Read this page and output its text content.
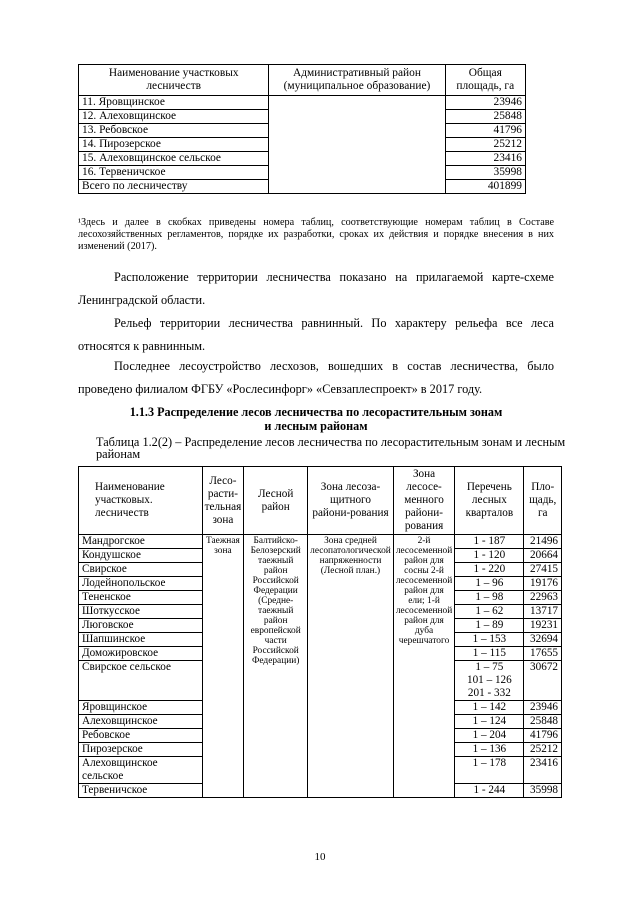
Наименование участковых лесничеств	Административный район (муниципальное образование)	Общая площадь, га
11. Яровщинское		23946
12. Алеховщинское		25848
13. Ребовское		41796
14. Пирозерское		25212
15. Алеховщинское сельское		23416
16. Тервеничское		35998
Всего по лесничеству		401899
¹Здесь и далее в скобках приведены номера таблиц, соответствующие номерам таблиц в Составе лесохозяйственных регламентов, порядке их разработки, сроках их действия и порядке внесения в них изменений (2017).
Расположение территории лесничества показано на прилагаемой карте-схеме Ленинградской области.
Рельеф территории лесничества равнинный. По характеру рельефа все леса относятся к равнинным.
Последнее лесоустройство лесхозов, вошедших в состав лесничества, было проведено филиалом ФГБУ «Рослесинфорг» «Севзаплеспроект» в 2017 году.
1.1.3 Распределение лесов лесничества по лесорастительным зонам
и лесным районам
Таблица 1.2(2) – Распределение лесов лесничества по лесорастительным зонам и лесным районам
Наименование участковых. лесничеств	Лесо-расти-тельная зона	Лесной район	Зона лесоза-щитного райони-рования	Зона лесосе-менного райони-рования	Перечень лесных кварталов	Пло-щадь, га
Мандрогское	Таежная зона	Балтийско-Белозерский таежный район Российской Федерации (Средне-таежный район европейской части Российской Федерации)	Зона средней лесопатологической напряженности (Лесной план.)	2-й лесосеменной район для сосны 2-й лесосеменной район для ели; 1-й лесосеменной район для дуба черешчатого	1 - 187	21496
Кондушское					1 - 120	20664
Свирское					1 - 220	27415
Лодейнопольское					1 – 96	19176
Тененское					1 – 98	22963
Шоткусское					1 – 62	13717
Люговское					1 – 89	19231
Шапшинское					1 – 153	32694
Доможировское					1 – 115	17655
Свирское сельское					1 – 75
101 – 126
201 - 332	30672
Яровщинское					1 – 142	23946
Алеховщинское					1 – 124	25848
Ребовское					1 – 204	41796
Пирозерское					1 – 136	25212
Алеховщинское сельское					1 – 178	23416
Тервеничское					1 - 244	35998
10
